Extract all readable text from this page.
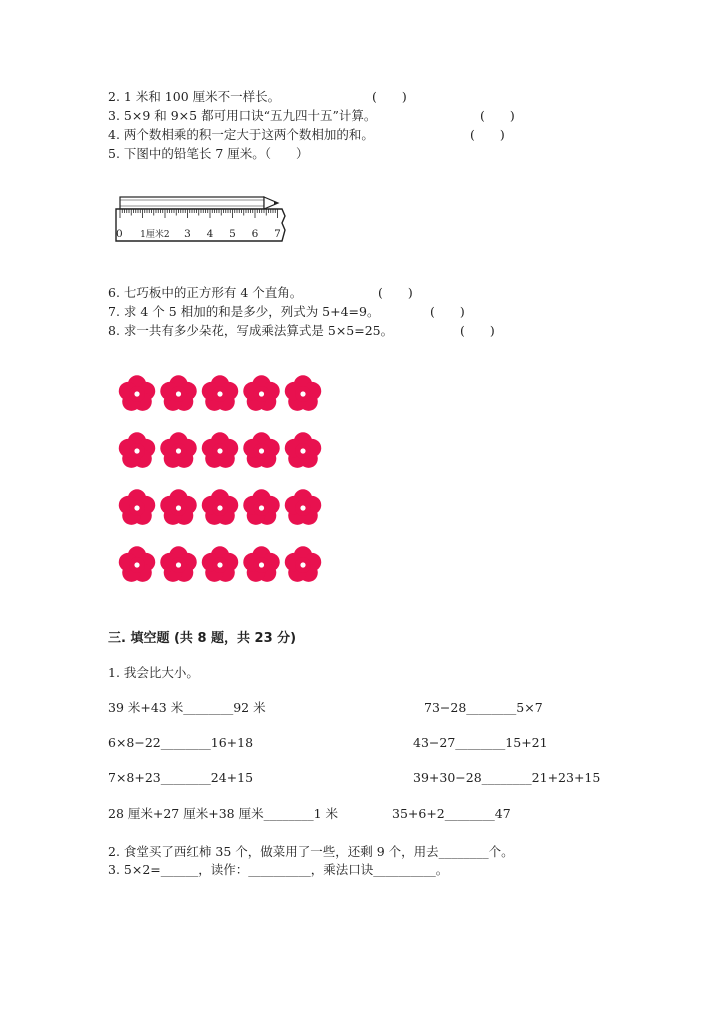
2. 1 米和 100 厘米不一样长。	(　　)
3. 5×9 和 9×5 都可用口诀“五九四十五”计算。	(　　)
4. 两个数相乘的积一定大于这两个数相加的和。	(　　)
5. 下图中的铅笔长 7 厘米。（　　）
0 1厘米2 3 4 5 6 7
6. 七巧板中的正方形有 4 个直角。	(　　)
7. 求 4 个 5 相加的和是多少，列式为 5+4=9。	(　　)
8. 求一共有多少朵花，写成乘法算式是 5×5=25。	(　　)
三. 填空题 (共 8 题，共 23 分)
1. 我会比大小。
39 米+43 米________92 米	73−28________5×7
6×8−22________16+18	43−27________15+21
7×8+23________24+15	39+30−28________21+23+15
28 厘米+27 厘米+38 厘米________1 米	35+6+2________47
2. 食堂买了西红柿 35 个，做菜用了一些，还剩 9 个，用去________个。
3. 5×2=______，读作：__________，乘法口诀__________。
